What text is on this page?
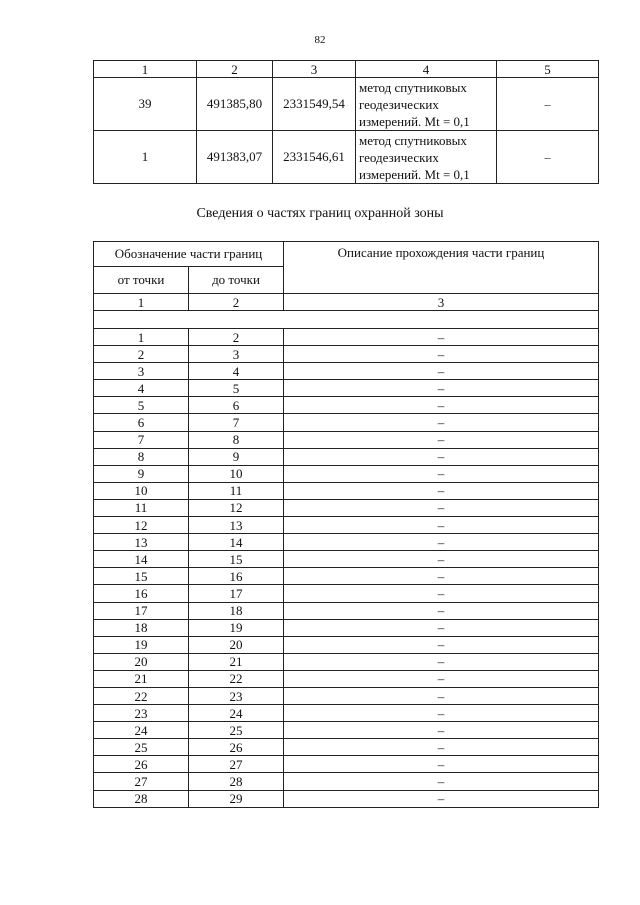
82
1	2	3	4	5
39	491385,80	2331549,54	метод спутниковых
геодезических
измерений. Mt = 0,1	–
1	491383,07	2331546,61	метод спутниковых
геодезических
измерений. Mt = 0,1	–
Сведения о частях границ охранной зоны
Обозначение части границ		Описание прохождения части границ
от точки	до точки	
1	2	3

1	2	–
2	3	–
3	4	–
4	5	–
5	6	–
6	7	–
7	8	–
8	9	–
9	10	–
10	11	–
11	12	–
12	13	–
13	14	–
14	15	–
15	16	–
16	17	–
17	18	–
18	19	–
19	20	–
20	21	–
21	22	–
22	23	–
23	24	–
24	25	–
25	26	–
26	27	–
27	28	–
28	29	–
